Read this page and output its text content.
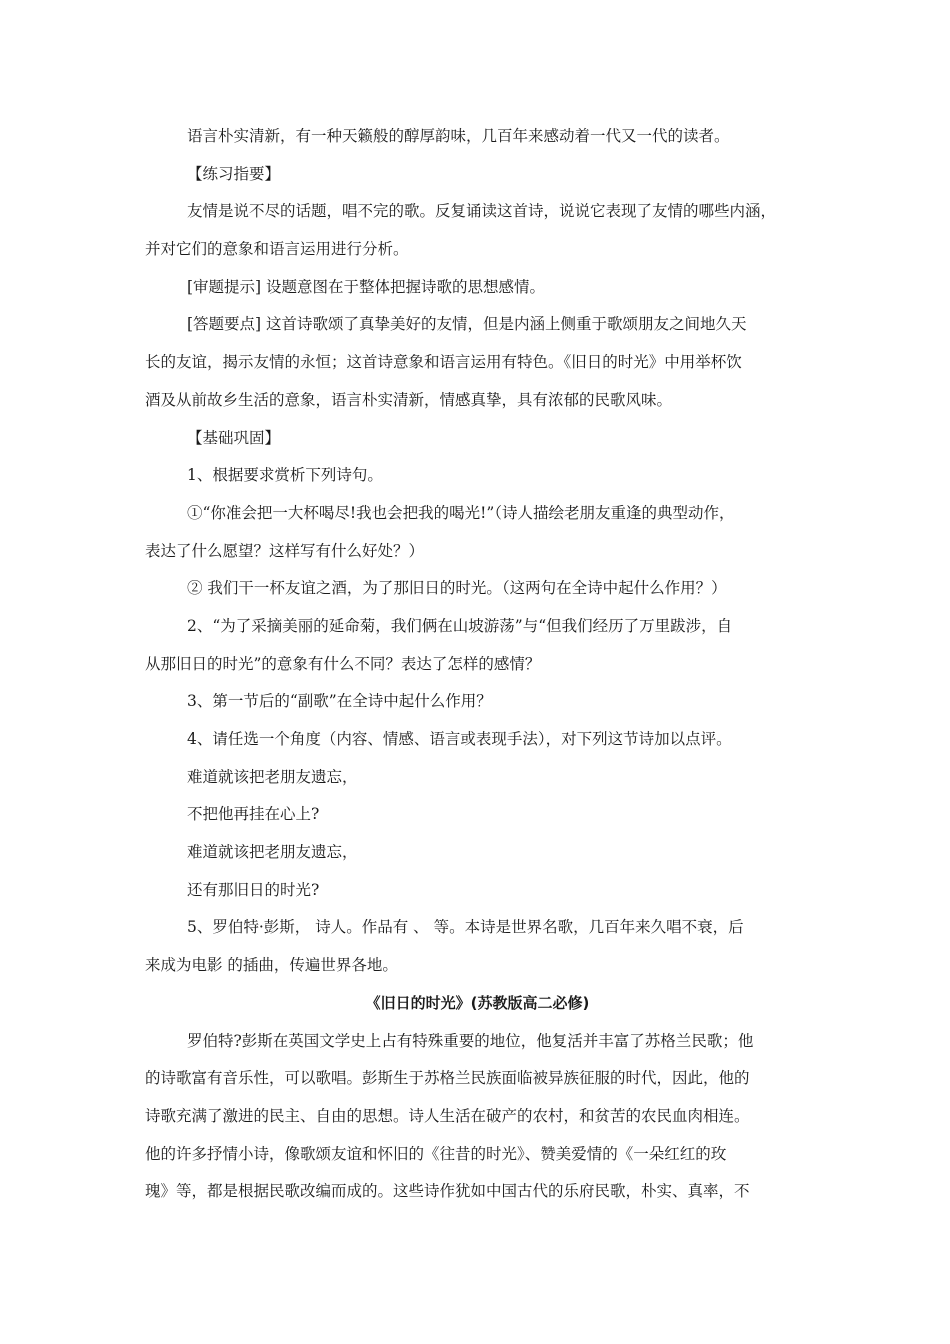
语言朴实清新，有一种天籁般的醇厚韵味，几百年来感动着一代又一代的读者。
【练习指要】
友情是说不尽的话题，唱不完的歌。反复诵读这首诗，说说它表现了友情的哪些内涵，
并对它们的意象和语言运用进行分析。
[审题提示] 设题意图在于整体把握诗歌的思想感情。
[答题要点] 这首诗歌颂了真挚美好的友情，但是内涵上侧重于歌颂朋友之间地久天
长的友谊，揭示友情的永恒；这首诗意象和语言运用有特色。《旧日的时光》中用举杯饮
酒及从前故乡生活的意象，语言朴实清新，情感真挚，具有浓郁的民歌风味。
【基础巩固】
1、根据要求赏析下列诗句。
①“你准会把一大杯喝尽!我也会把我的喝光!”（诗人描绘老朋友重逢的典型动作，
表达了什么愿望？这样写有什么好处？）
② 我们干一杯友谊之酒，为了那旧日的时光。（这两句在全诗中起什么作用？）
2、“为了采摘美丽的延命菊，我们俩在山坡游荡”与“但我们经历了万里跋涉，自
从那旧日的时光”的意象有什么不同？表达了怎样的感情？
3、第一节后的“副歌”在全诗中起什么作用？
4、请任选一个角度（内容、情感、语言或表现手法），对下列这节诗加以点评。
难道就该把老朋友遗忘，
不把他再挂在心上?
难道就该把老朋友遗忘，
还有那旧日的时光?
5、罗伯特·彭斯， 诗人。作品有 、 等。本诗是世界名歌，几百年来久唱不衰，后
来成为电影 的插曲，传遍世界各地。
《旧日的时光》(苏教版高二必修)
罗伯特?彭斯在英国文学史上占有特殊重要的地位，他复活并丰富了苏格兰民歌；他
的诗歌富有音乐性，可以歌唱。彭斯生于苏格兰民族面临被异族征服的时代，因此，他的
诗歌充满了激进的民主、自由的思想。诗人生活在破产的农村，和贫苦的农民血肉相连。
他的许多抒情小诗，像歌颂友谊和怀旧的《往昔的时光》、赞美爱情的《一朵红红的玫
瑰》等，都是根据民歌改编而成的。这些诗作犹如中国古代的乐府民歌，朴实、真率，不
